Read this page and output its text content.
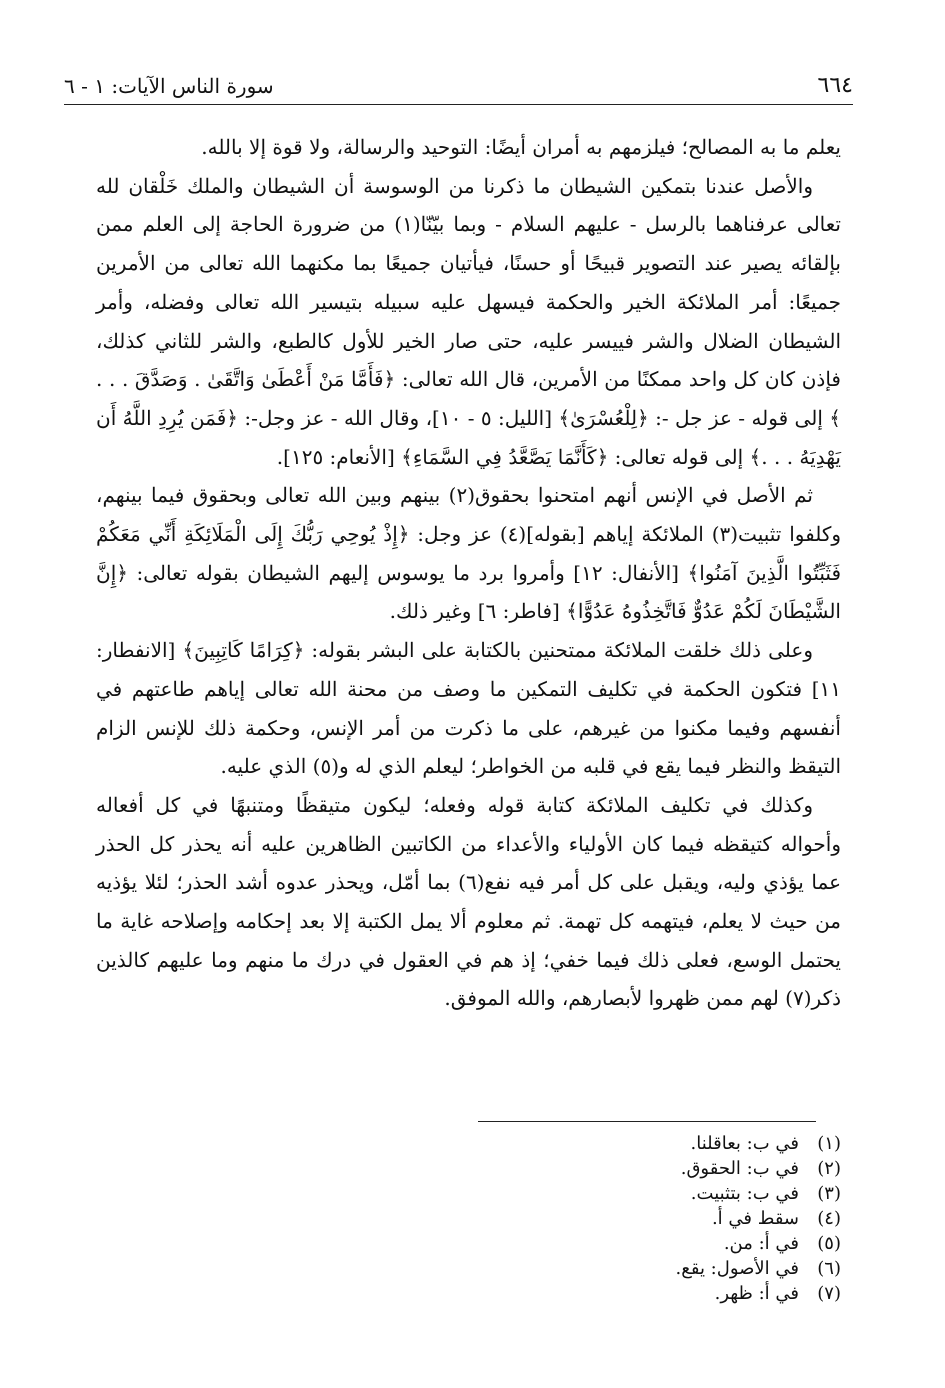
سورة الناس الآيات: ١ - ٦	٦٦٤

يعلم ما به المصالح؛ فيلزمهم به أمران أيضًا: التوحيد والرسالة، ولا قوة إلا بالله.

والأصل عندنا بتمكين الشيطان ما ذكرنا من الوسوسة أن الشيطان والملك خَلْقان لله تعالى عرفناهما بالرسل - عليهم السلام - وبما بيّنّا(١) من ضرورة الحاجة إلى العلم ممن بإلقائه يصير عند التصوير قبيحًا أو حسنًا، فيأتيان جميعًا بما مكنهما الله تعالى من الأمرين جميعًا: أمر الملائكة الخير والحكمة فيسهل عليه سبيله بتيسير الله تعالى وفضله، وأمر الشيطان الضلال والشر فييسر عليه، حتى صار الخير للأول كالطبع، والشر للثاني كذلك، فإذن كان كل واحد ممكنًا من الأمرين، قال الله تعالى: ﴿فَأَمَّا مَنْ أَعْطَىٰ وَاتَّقَىٰ . وَصَدَّقَ . . . ﴾ إلى قوله - عز جل -: ﴿لِلْعُسْرَىٰ﴾ [الليل: ٥ - ١٠]، وقال الله - عز وجل-: ﴿فَمَن يُرِدِ اللَّهُ أَن يَهْدِيَهُ . . .﴾ إلى قوله تعالى: ﴿كَأَنَّمَا يَصَّعَّدُ فِي السَّمَاءِ﴾ [الأنعام: ١٢٥].

ثم الأصل في الإنس أنهم امتحنوا بحقوق(٢) بينهم وبين الله تعالى وبحقوق فيما بينهم، وكلفوا تثبيت(٣) الملائكة إياهم [بقوله](٤) عز وجل: ﴿إِذْ يُوحِي رَبُّكَ إِلَى الْمَلَائِكَةِ أَنِّي مَعَكُمْ فَثَبِّتُوا الَّذِينَ آمَنُوا﴾ [الأنفال: ١٢] وأمروا برد ما يوسوس إليهم الشيطان بقوله تعالى: ﴿إِنَّ الشَّيْطَانَ لَكُمْ عَدُوٌّ فَاتَّخِذُوهُ عَدُوًّا﴾ [فاطر: ٦] وغير ذلك.

وعلى ذلك خلقت الملائكة ممتحنين بالكتابة على البشر بقوله: ﴿كِرَامًا كَاتِبِينَ﴾ [الانفطار: ١١] فتكون الحكمة في تكليف التمكين ما وصف من محنة الله تعالى إياهم طاعتهم في أنفسهم وفيما مكنوا من غيرهم، على ما ذكرت من أمر الإنس، وحكمة ذلك للإنس الزام التيقظ والنظر فيما يقع في قلبه من الخواطر؛ ليعلم الذي له و(٥) الذي عليه.

وكذلك في تكليف الملائكة كتابة قوله وفعله؛ ليكون متيقظًا ومتنبهًا في كل أفعاله وأحواله كتيقظه فيما كان الأولياء والأعداء من الكاتبين الظاهرين عليه أنه يحذر كل الحذر عما يؤذي وليه، ويقبل على كل أمر فيه نفع(٦) بما أمّل، ويحذر عدوه أشد الحذر؛ لئلا يؤذيه من حيث لا يعلم، فيتهمه كل تهمة. ثم معلوم ألا يمل الكتبة إلا بعد إحكامه وإصلاحه غاية ما يحتمل الوسع، فعلى ذلك فيما خفي؛ إذ هم في العقول في درك ما منهم وما عليهم كالذين ذكر(٧) لهم ممن ظهروا لأبصارهم، والله الموفق.

(١)
في ب: بعاقلنا.
(٢)
في ب: الحقوق.
(٣)
في ب: بتثبيت.
(٤)
سقط في أ.
(٥)
في أ: من.
(٦)
في الأصول: يقع.
(٧)
في أ: ظهر.
